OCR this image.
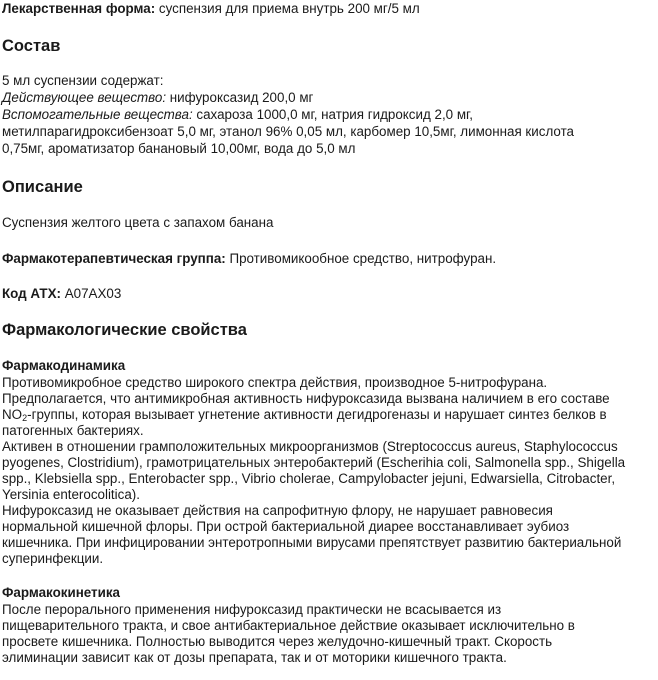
Лекарственная форма: суспензия для приема внутрь 200 мг/5 мл

Состав

5 мл суспензии содержат:

Действующее вещество: нифуроксазид 200,0 мг

Вспомогательные вещества: сахароза 1000,0 мг, натрия гидроксид 2,0 мг,

метилпарагидроксибензоат 5,0 мг, этанол 96% 0,05 мл, карбомер 10,5мг, лимонная кислота

0,75мг, ароматизатор банановый 10,00мг, вода до 5,0 мл

Описание

Суспензия желтого цвета с запахом банана

Фармакотерапевтическая группа: Противомикообное средство, нитрофуран.

Код АТХ: A07AX03

Фармакологические свойства

Фармакодинамика

Противомикробное средство широкого спектра действия, производное 5-нитрофурана.

Предполагается, что антимикробная активность нифуроксазида вызвана наличием в его составе

$NO_2$-группы, которая вызывает угнетение активности дегидрогеназы и нарушает синтез белков в

патогенных бактериях.

Активен в отношении грамположительных микроорганизмов (Streptococcus aureus, Staphylococcus

pyogenes, Clostridium), грамотрицательных энтеробактерий (Escherihia coli, Salmonella spp., Shigella

spp., Klebsiella spp., Enterobacter spp., Vibrio cholerae, Campylobacter jejuni, Edwarsiella, Citrobacter,

Yersinia enterocolitica).

Нифуроксазид не оказывает действия на сапрофитную флору, не нарушает равновесия

нормальной кишечной флоры. При острой бактериальной диарее восстанавливает эубиоз

кишечника. При инфицировании энтеротропными вирусами препятствует развитию бактериальной

суперинфекции.

Фармакокинетика

После перорального применения нифуроксазид практически не всасывается из

пищеварительного тракта, и свое антибактериальное действие оказывает исключительно в

просвете кишечника. Полностью выводится через желудочно-кишечный тракт. Скорость

элиминации зависит как от дозы препарата, так и от моторики кишечного тракта.
